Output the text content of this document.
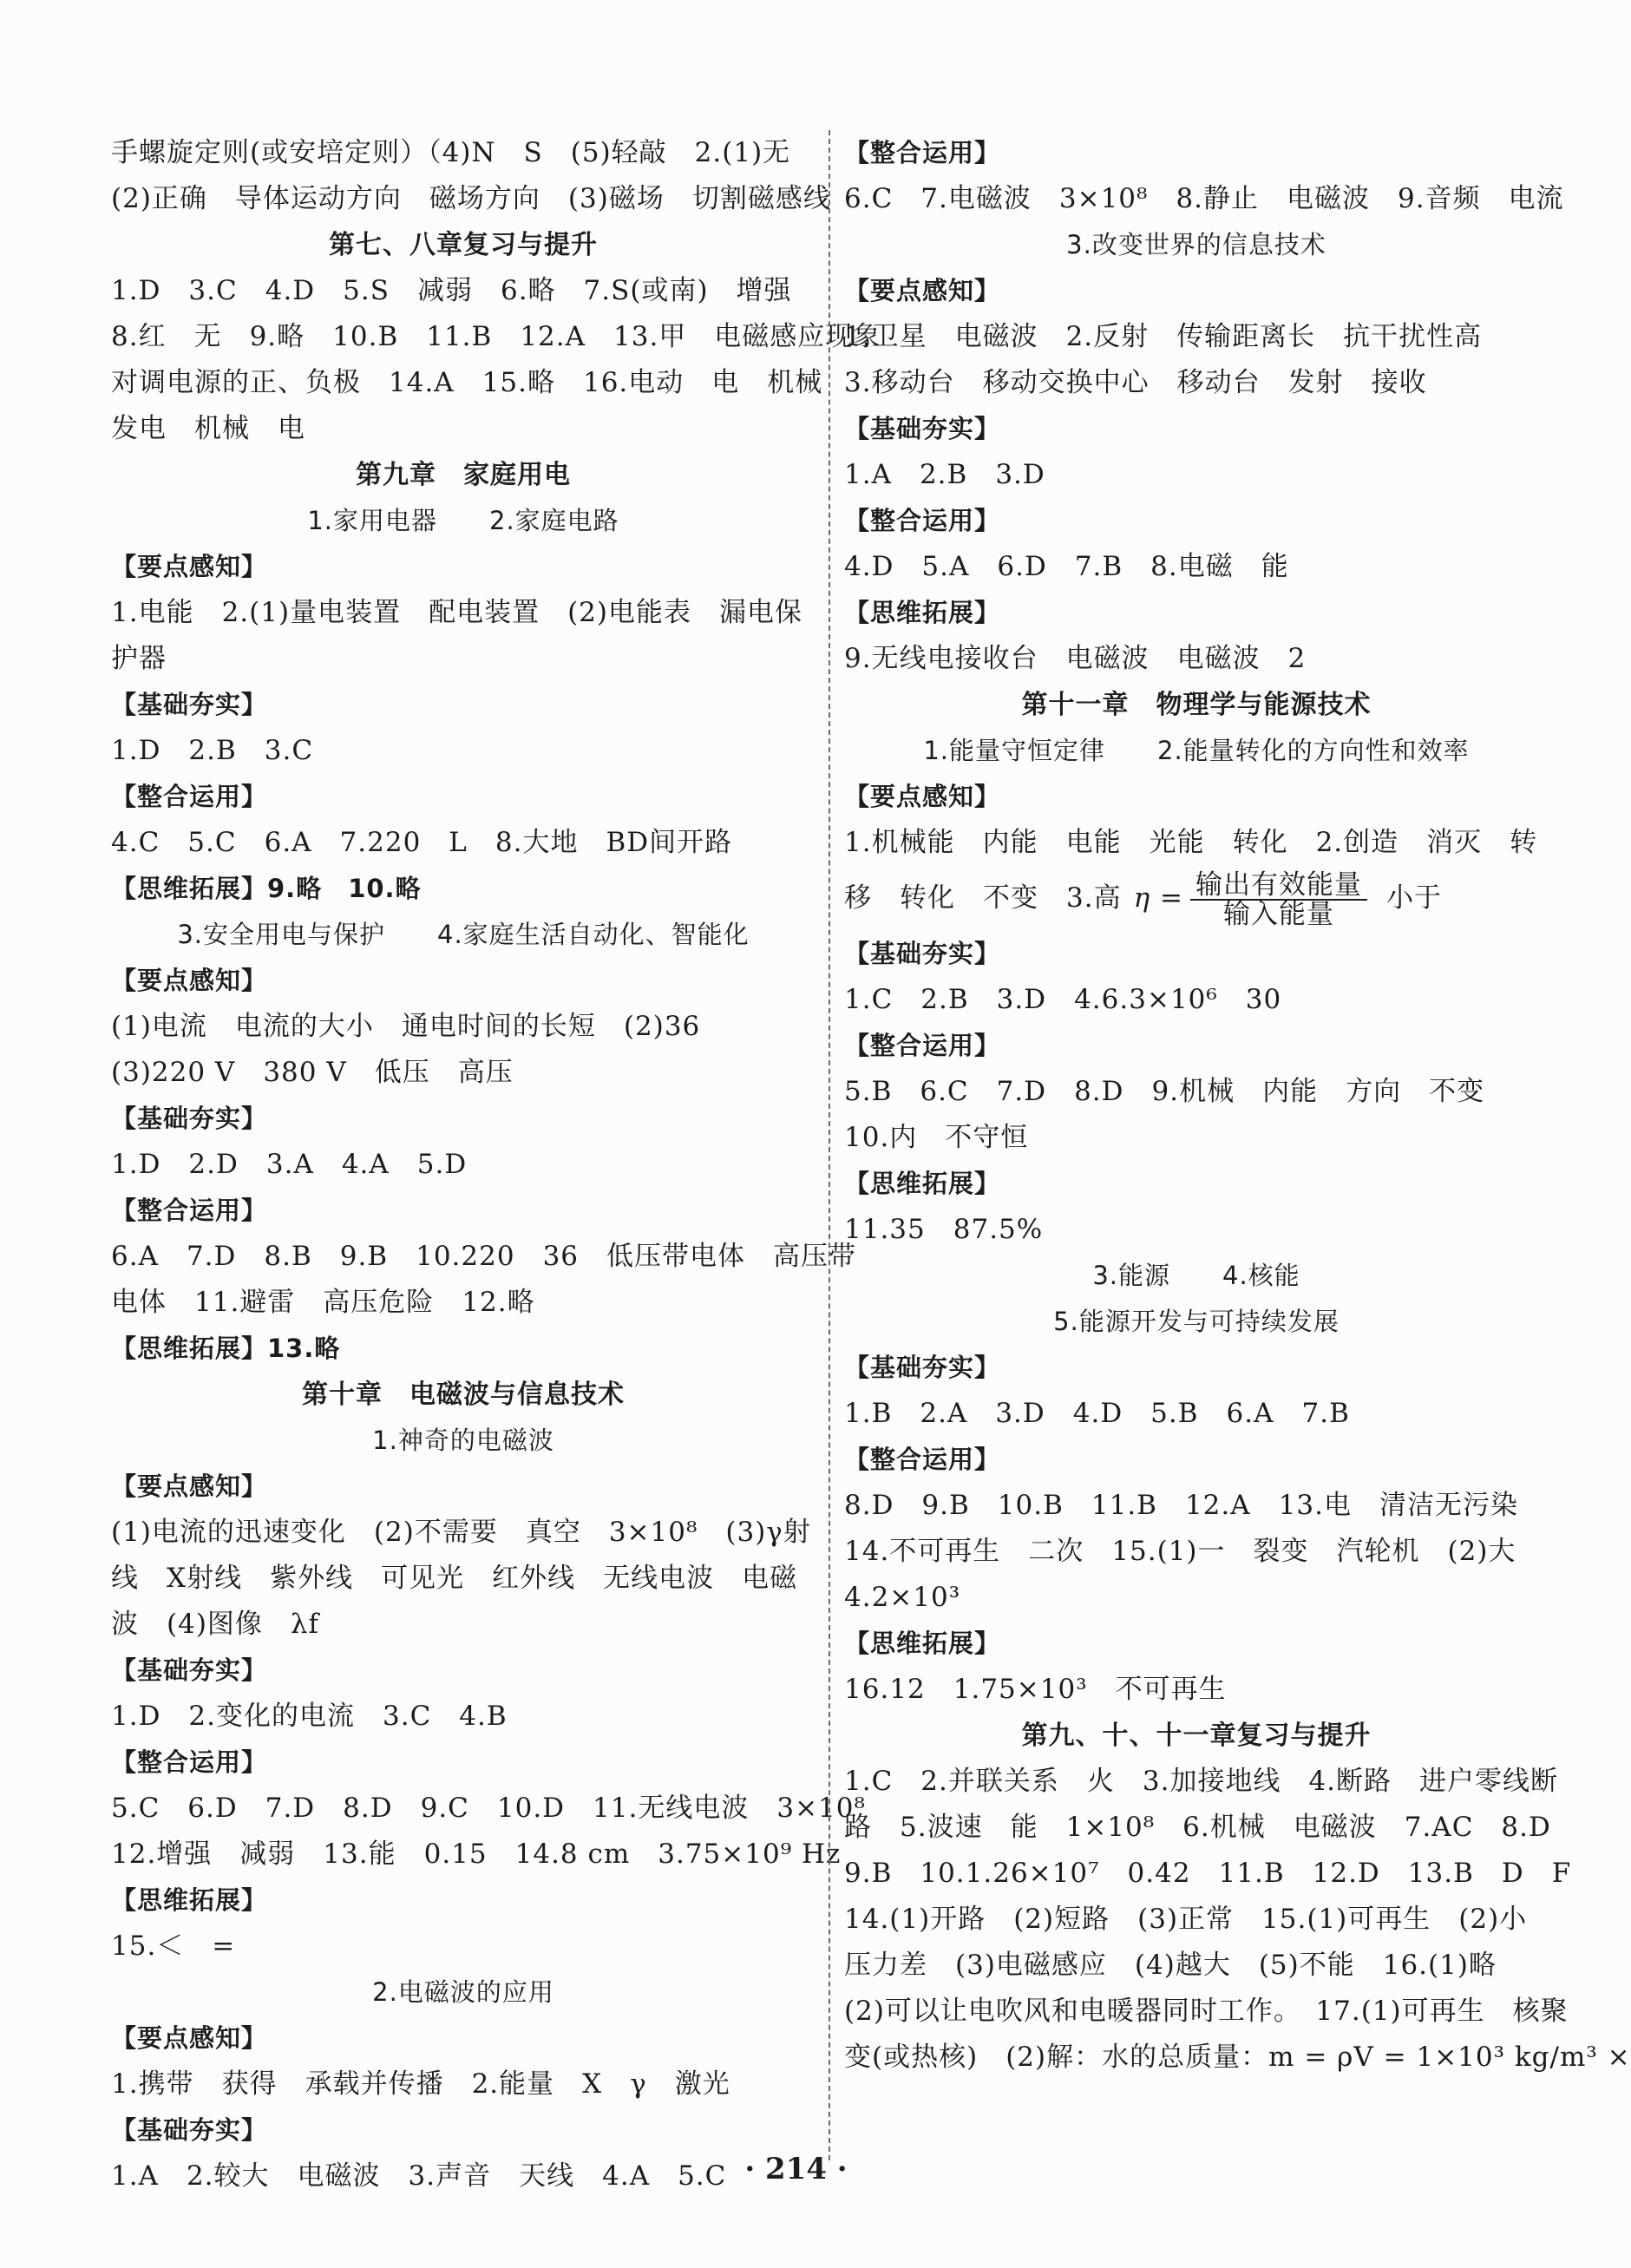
手螺旋定则(或安培定则）（4)N　S　(5)轻敲　2.(1)无
(2)正确　导体运动方向　磁场方向　(3)磁场　切割磁感线
第七、八章复习与提升
1.D　3.C　4.D　5.S　减弱　6.略　7.S(或南)　增强
8.红　无　9.略　10.B　11.B　12.A　13.甲　电磁感应现象
对调电源的正、负极　14.A　15.略　16.电动　电　机械
发电　机械　电
第九章　家庭用电
1.家用电器　　2.家庭电路
【要点感知】
1.电能　2.(1)量电装置　配电装置　(2)电能表　漏电保
护器
【基础夯实】
1.D　2.B　3.C
【整合运用】
4.C　5.C　6.A　7.220　L　8.大地　BD间开路
【思维拓展】9.略　10.略
3.安全用电与保护　　4.家庭生活自动化、智能化
【要点感知】
(1)电流　电流的大小　通电时间的长短　(2)36
(3)220 V　380 V　低压　高压
【基础夯实】
1.D　2.D　3.A　4.A　5.D
【整合运用】
6.A　7.D　8.B　9.B　10.220　36　低压带电体　高压带
电体　11.避雷　高压危险　12.略
【思维拓展】13.略
第十章　电磁波与信息技术
1.神奇的电磁波
【要点感知】
(1)电流的迅速变化　(2)不需要　真空　3×10⁸　(3)γ射
线　X射线　紫外线　可见光　红外线　无线电波　电磁
波　(4)图像　λf
【基础夯实】
1.D　2.变化的电流　3.C　4.B
【整合运用】
5.C　6.D　7.D　8.D　9.C　10.D　11.无线电波　3×10⁸
12.增强　减弱　13.能　0.15　14.8 cm　3.75×10⁹ Hz
【思维拓展】
15.＜　=
2.电磁波的应用
【要点感知】
1.携带　获得　承载并传播　2.能量　X　γ　激光
【基础夯实】
1.A　2.较大　电磁波　3.声音　天线　4.A　5.C
【整合运用】
6.C　7.电磁波　3×10⁸　8.静止　电磁波　9.音频　电流
3.改变世界的信息技术
【要点感知】
1.卫星　电磁波　2.反射　传输距离长　抗干扰性高
3.移动台　移动交换中心　移动台　发射　接收
【基础夯实】
1.A　2.B　3.D
【整合运用】
4.D　5.A　6.D　7.B　8.电磁　能
【思维拓展】
9.无线电接收台　电磁波　电磁波　2
第十一章　物理学与能源技术
1.能量守恒定律　　2.能量转化的方向性和效率
【要点感知】
1.机械能　内能　电能　光能　转化　2.创造　消灭　转
移　转化　不变　3.高 $\eta = \frac{\text{输出有效能量}}{\text{输入能量}}$ 小于
【基础夯实】
1.C　2.B　3.D　4.6.3×10⁶　30
【整合运用】
5.B　6.C　7.D　8.D　9.机械　内能　方向　不变
10.内　不守恒
【思维拓展】
11.35　87.5%
3.能源　　4.核能
5.能源开发与可持续发展
【基础夯实】
1.B　2.A　3.D　4.D　5.B　6.A　7.B
【整合运用】
8.D　9.B　10.B　11.B　12.A　13.电　清洁无污染
14.不可再生　二次　15.(1)一　裂变　汽轮机　(2)大
4.2×10³
【思维拓展】
16.12　1.75×10³　不可再生
第九、十、十一章复习与提升
1.C　2.并联关系　火　3.加接地线　4.断路　进户零线断
路　5.波速　能　1×10⁸　6.机械　电磁波　7.AC　8.D
9.B　10.1.26×10⁷　0.42　11.B　12.D　13.B　D　F
14.(1)开路　(2)短路　(3)正常　15.(1)可再生　(2)小
压力差　(3)电磁感应　(4)越大　(5)不能　16.(1)略
(2)可以让电吹风和电暖器同时工作。　17.(1)可再生　核聚
变(或热核)　(2)解：水的总质量：m = ρV = 1×10³ kg/m³ ×
· 214 ·
